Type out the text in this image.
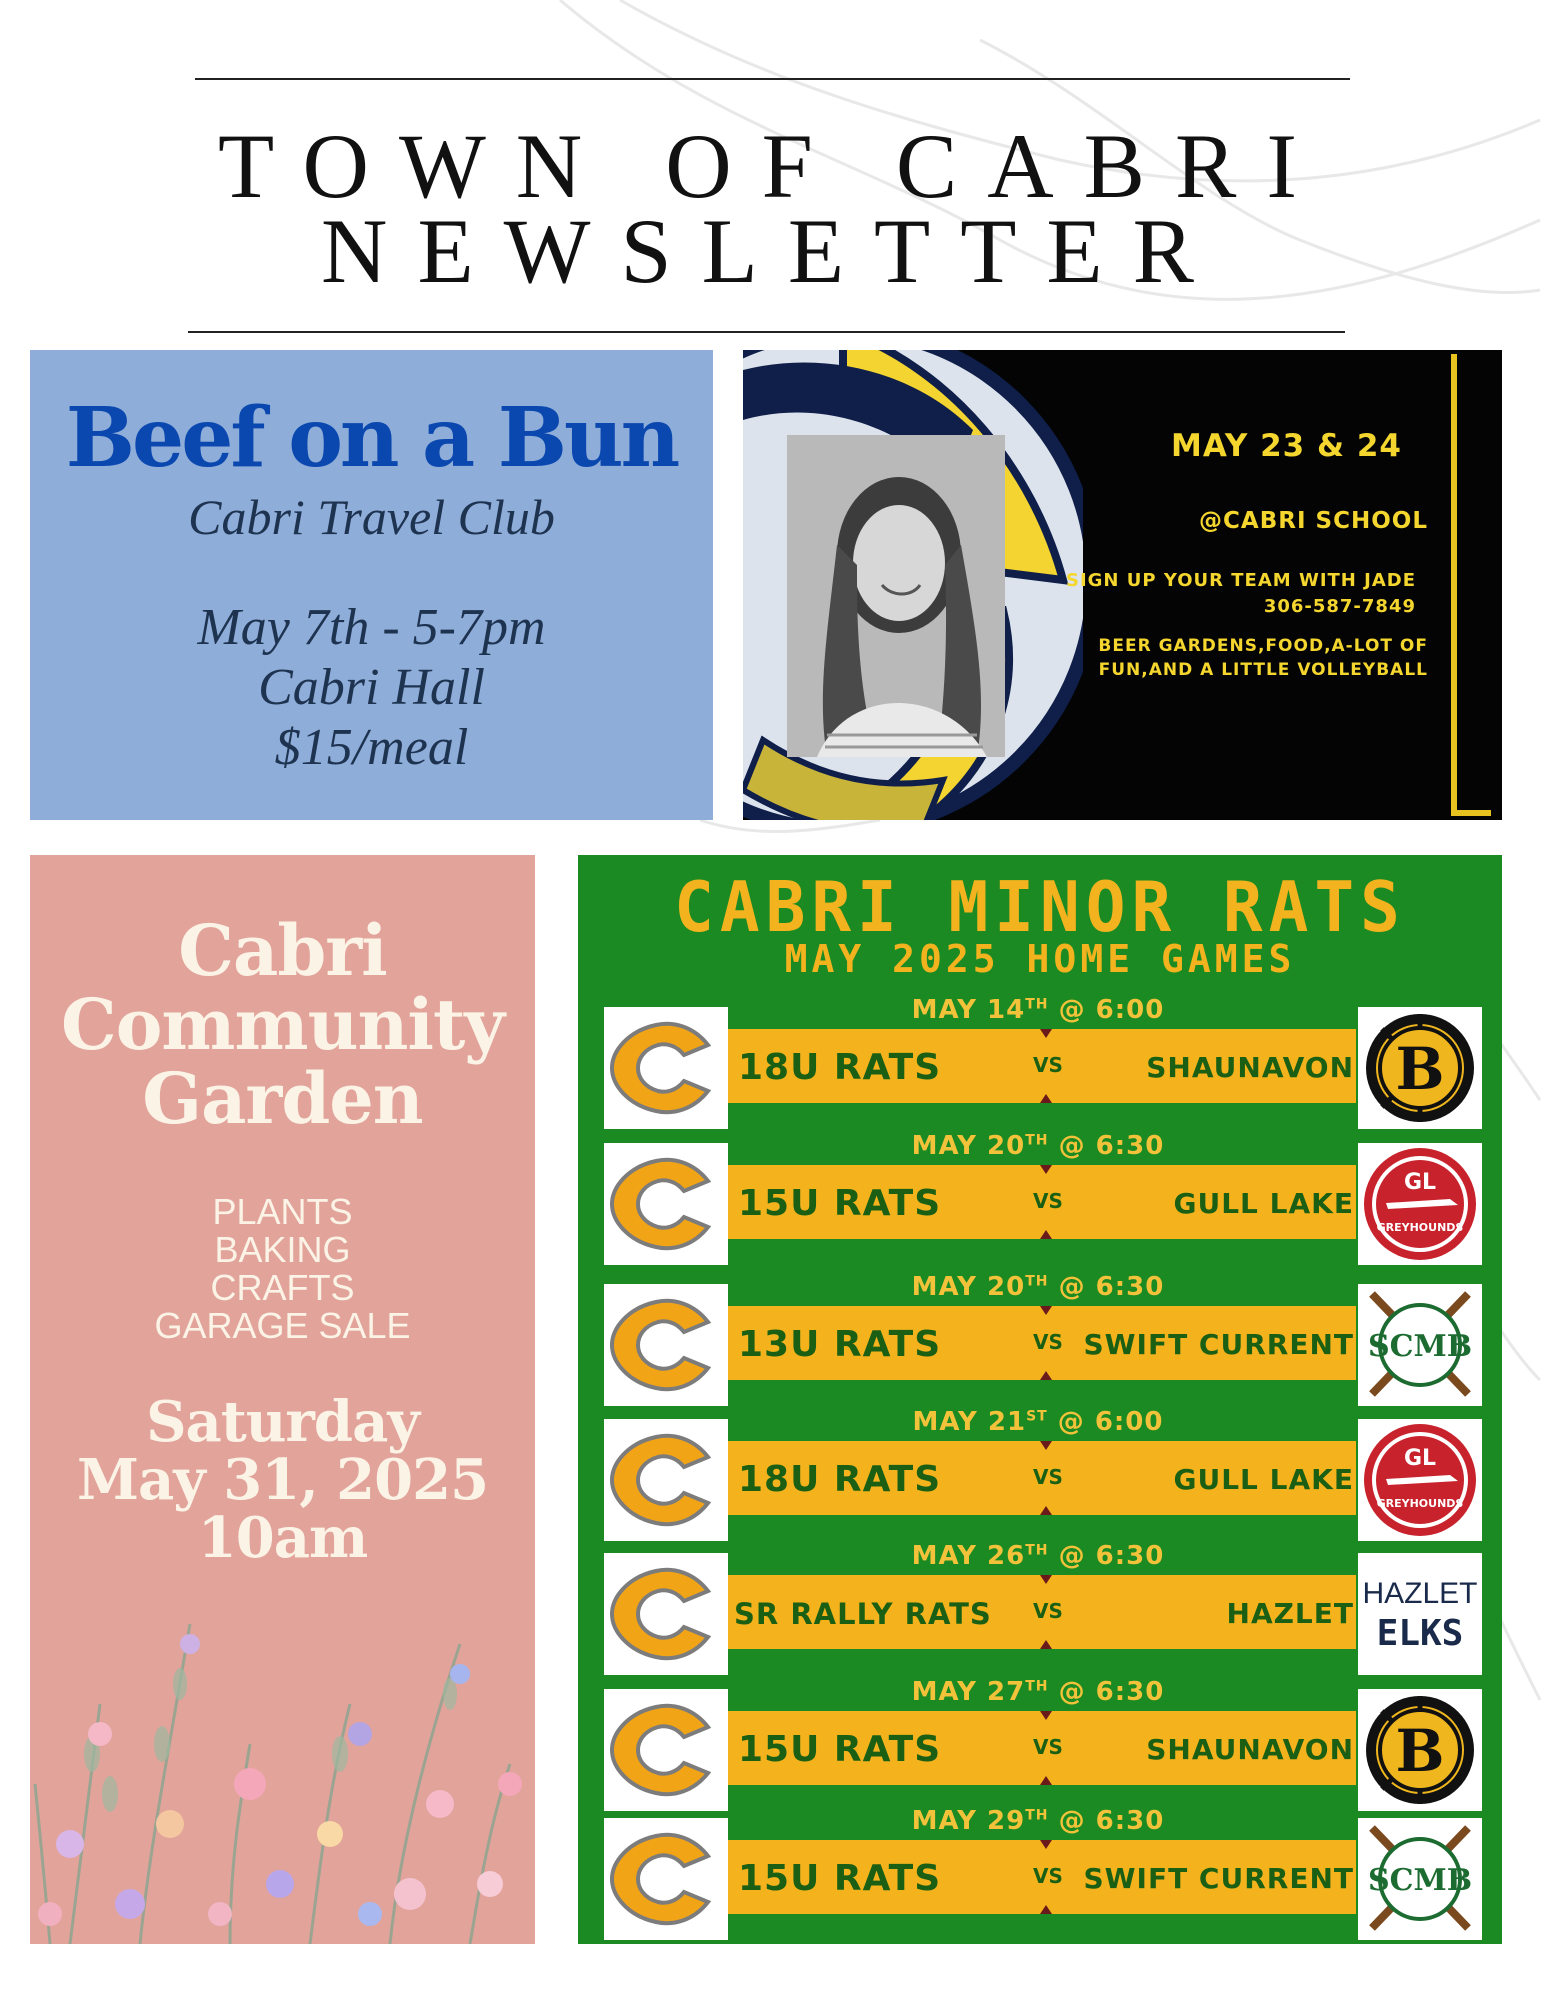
TOWN OF CABRI
NEWSLETTER
Beef on a Bun
Cabri Travel Club
May 7th - 5-7pm
Cabri Hall
$15/meal
MAY 23 & 24
@CABRI SCHOOL
SIGN UP YOUR TEAM WITH JADE
306-587-7849
BEER GARDENS,FOOD,A-LOT OF
FUN,AND A LITTLE VOLLEYBALL
Cabri
Community
Garden
PLANTS
BAKING
CRAFTS
GARAGE SALE
Saturday
May 31, 2025
10am
CABRI MINOR RATS
MAY 2025 HOME GAMES
B
MAY 14TH @ 6:00
18U RATS	VS	SHAUNAVON
GL
GREYHOUNDS
MAY 20TH @ 6:30
15U RATS	VS	GULL LAKE
SCMB
MAY 20TH @ 6:30
13U RATS	VS SWIFT CURRENT
GL
GREYHOUNDS
MAY 21ST @ 6:00
18U RATS	VS	GULL LAKE
HAZLET
ELKS
MAY 26TH @ 6:30
SR RALLY RATS VS	HAZLET
B
MAY 27TH @ 6:30
15U RATS	VS	SHAUNAVON
SCMB
MAY 29TH @ 6:30
15U RATS	VS SWIFT CURRENT
